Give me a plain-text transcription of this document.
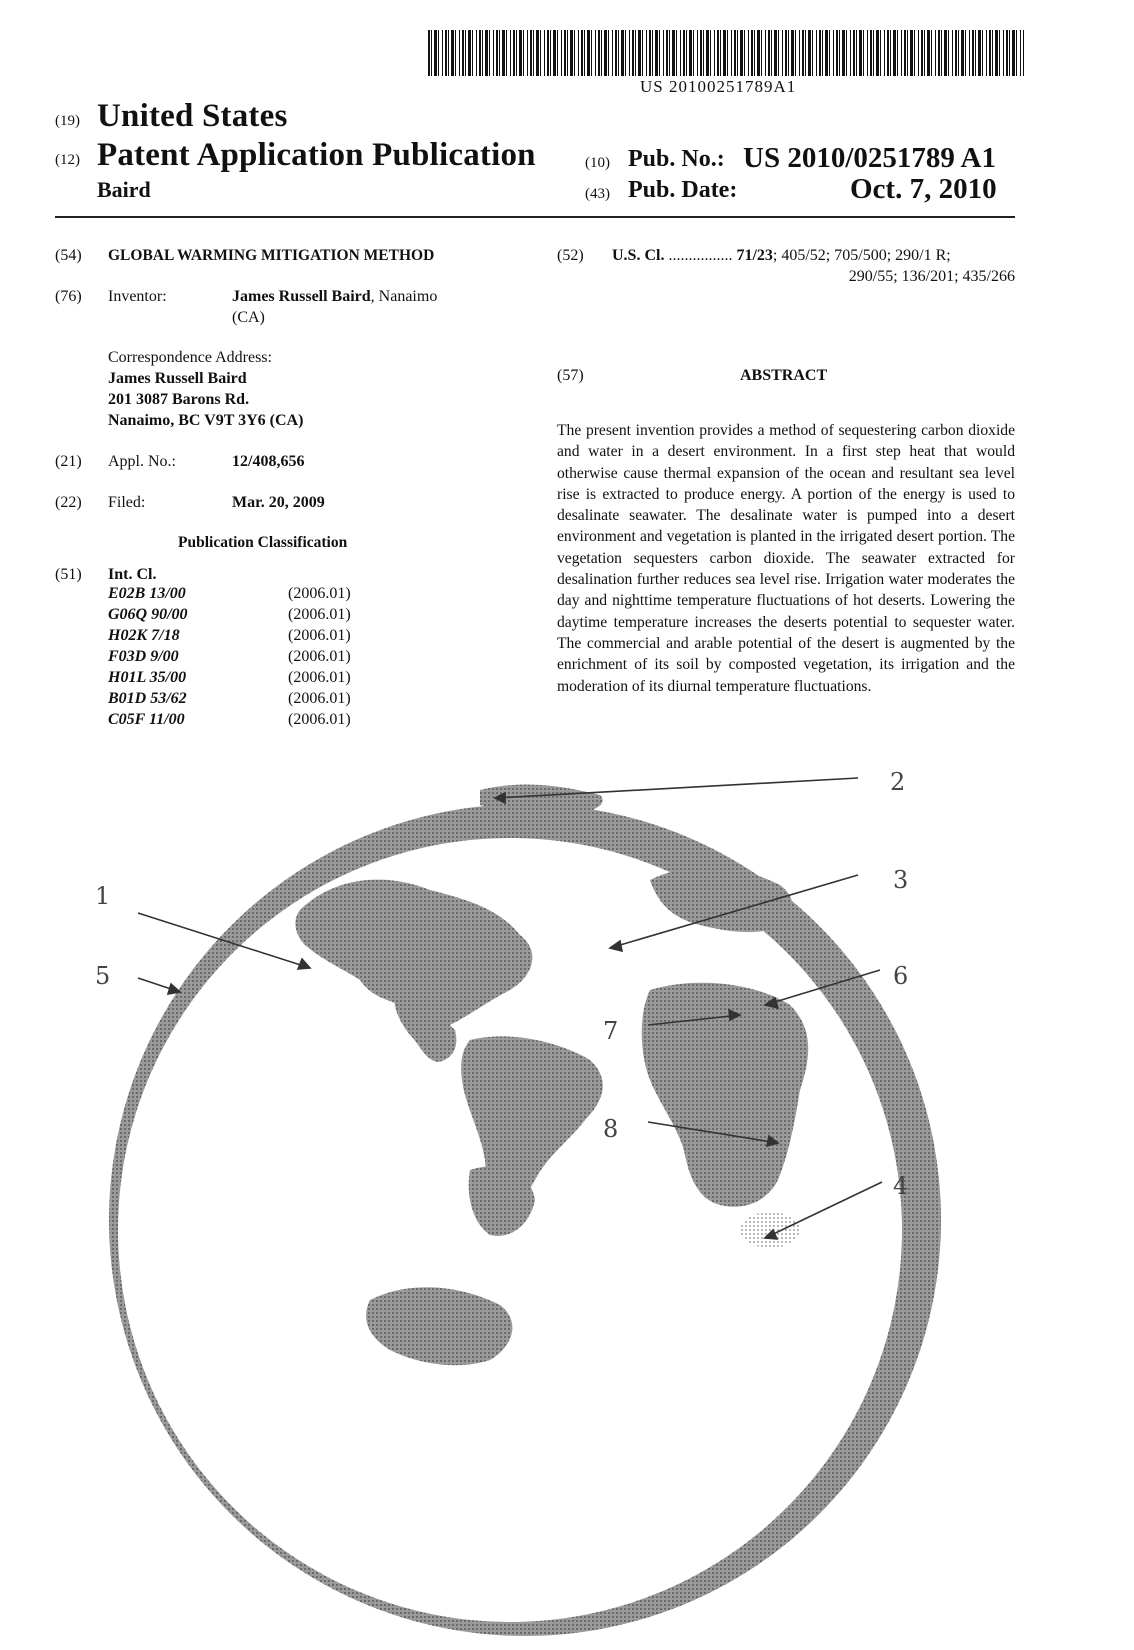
US 20100251789A1
(19) United States
(12) Patent Application Publication
Baird
(10) Pub. No.: US 2010/0251789 A1
(43) Pub. Date:	Oct. 7, 2010
(54) GLOBAL WARMING MITIGATION METHOD
(76) Inventor:	James Russell Baird, Nanaimo
(CA)
Correspondence Address:
James Russell Baird
201 3087 Barons Rd.
Nanaimo, BC V9T 3Y6 (CA)
(21) Appl. No.:	12/408,656
(22) Filed:	Mar. 20, 2009
Publication Classification
(51) Int. Cl.
E02B 13/00	(2006.01)
G06Q 90/00	(2006.01)
H02K 7/18	(2006.01)
F03D 9/00	(2006.01)
H01L 35/00	(2006.01)
B01D 53/62	(2006.01)
C05F 11/00	(2006.01)
(52) U.S. Cl. ................ 71/23; 405/52; 705/500; 290/1 R;
290/55; 136/201; 435/266
(57)	ABSTRACT
The present invention provides a method of sequestering carbon dioxide and water in a desert environment. In a first step heat that would otherwise cause thermal expansion of the ocean and resultant sea level rise is extracted to produce energy. A portion of the energy is used to desalinate seawater. The desalinate water is pumped into a desert environment and vegetation is planted in the irrigated desert portion. The vegetation sequesters carbon dioxide. The seawater extracted for desalination further reduces sea level rise. Irrigation water moderates the day and nighttime temperature fluctuations of hot deserts. Lowering the daytime temperature increases the deserts potential to sequester water. The commercial and arable potential of the desert is augmented by the enrichment of its soil by composted vegetation, its irrigation and the moderation of its diurnal temperature fluctuations.
2
1
3
5	6
7
8
4
